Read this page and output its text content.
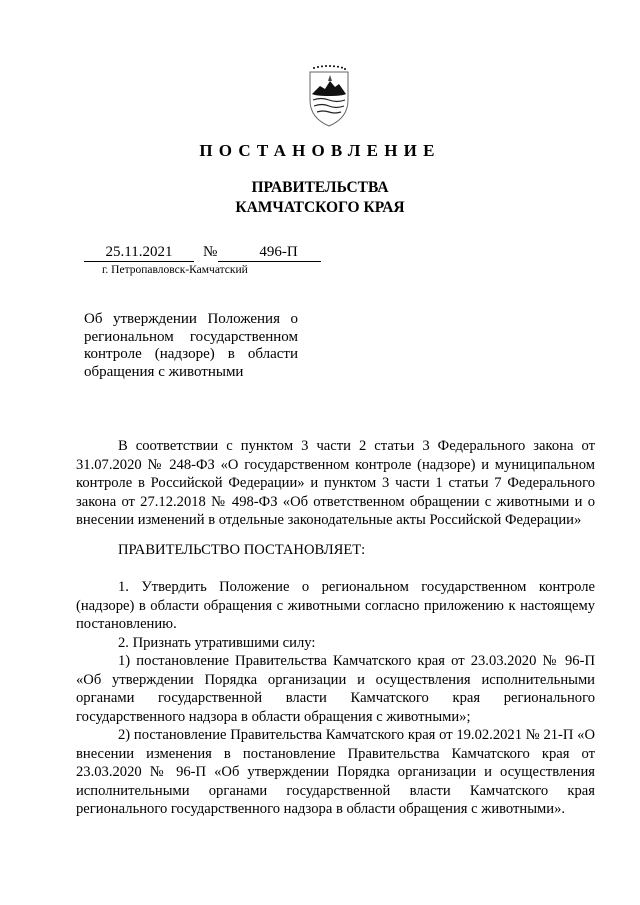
ПОСТАНОВЛЕНИЕ
ПРАВИТЕЛЬСТВА
КАМЧАТСКОГО КРАЯ
25.11.2021	№	496-П
г. Петропавловск-Камчатский
Об утверждении Положения о региональном государственном контроле (надзоре) в области обращения с животными

В соответствии с пунктом 3 части 2 статьи 3 Федерального закона от 31.07.2020 № 248-ФЗ «О государственном контроле (надзоре) и муниципальном контроле в Российской Федерации» и пунктом 3 части 1 статьи 7 Федерального закона от 27.12.2018 № 498-ФЗ «Об ответственном обращении с животными и о внесении изменений в отдельные законодательные акты Российской Федерации»

ПРАВИТЕЛЬСТВО ПОСТАНОВЛЯЕТ:

1. Утвердить Положение о региональном государственном контроле (надзоре) в области обращения с животными согласно приложению к настоящему постановлению.

2. Признать утратившими силу:

1) постановление Правительства Камчатского края от 23.03.2020 № 96-П «Об утверждении Порядка организации и осуществления исполнительными органами государственной власти Камчатского края регионального государственного надзора в области обращения с животными»;

2) постановление Правительства Камчатского края от 19.02.2021 № 21-П «О внесении изменения в постановление Правительства Камчатского края от 23.03.2020 № 96-П «Об утверждении Порядка организации и осуществления исполнительными органами государственной власти Камчатского края регионального государственного надзора в области обращения с животными».
